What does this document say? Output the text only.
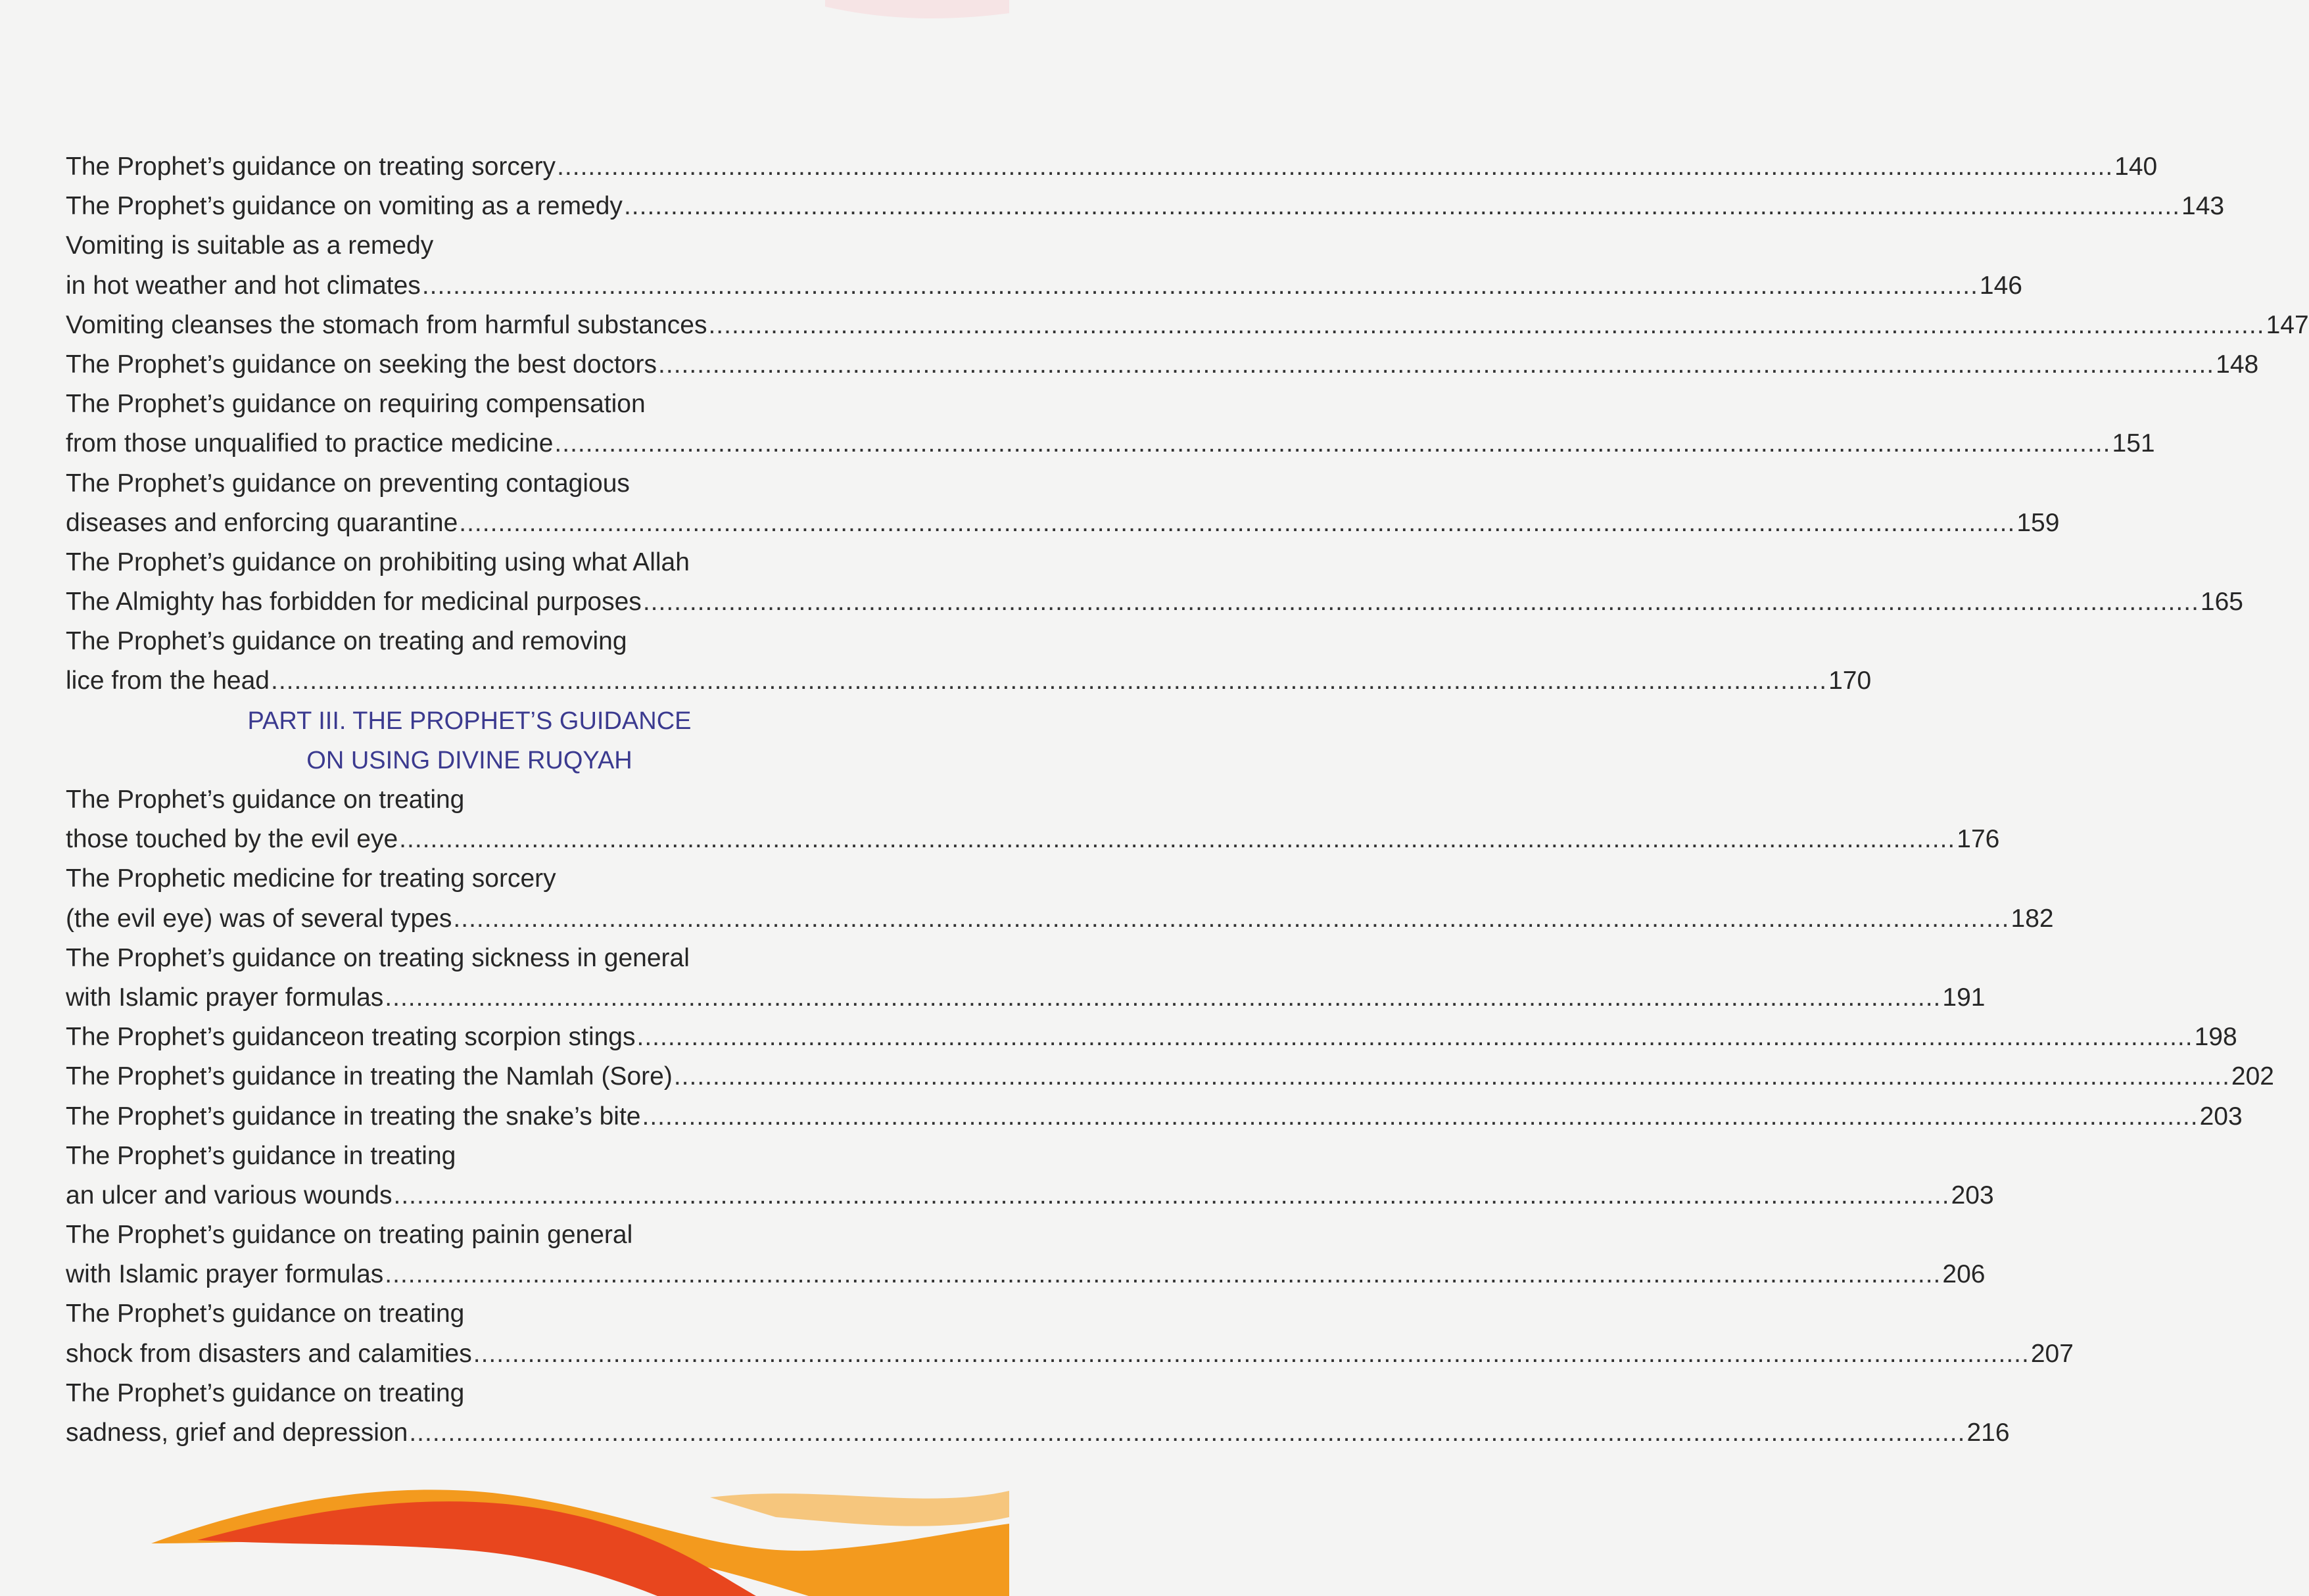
The Prophet’s guidance on treating sorcery ........................................................................................................................................................................................................ 140
The Prophet’s guidance on vomiting as a remedy ........................................................................................................................................................................................................ 143
Vomiting is suitable as a remedy
in hot weather and hot climates ........................................................................................................................................................................................................ 146
Vomiting cleanses the stomach from harmful substances ........................................................................................................................................................................................................ 147
The Prophet’s guidance on seeking the best doctors ........................................................................................................................................................................................................ 148
The Prophet’s guidance on requiring compensation
from those unqualified to practice medicine ........................................................................................................................................................................................................ 151
The Prophet’s guidance on preventing contagious
diseases and enforcing quarantine ........................................................................................................................................................................................................ 159
The Prophet’s guidance on prohibiting using what Allah
The Almighty has forbidden for medicinal purposes ........................................................................................................................................................................................................ 165
The Prophet’s guidance on treating and removing
lice from the head ........................................................................................................................................................................................................ 170
PART III. THE PROPHET’S GUIDANCE
ON USING DIVINE RUQYAH
The Prophet’s guidance on treating
those touched by the evil eye ........................................................................................................................................................................................................ 176
The Prophetic medicine for treating sorcery
(the evil eye) was of several types ........................................................................................................................................................................................................ 182
The Prophet’s guidance on treating sickness in general
with Islamic prayer formulas ........................................................................................................................................................................................................ 191
The Prophet’s guidanceon treating scorpion stings ........................................................................................................................................................................................................ 198
The Prophet’s guidance in treating the Namlah (Sore) ........................................................................................................................................................................................................ 202
The Prophet’s guidance in treating the snake’s bite ........................................................................................................................................................................................................ 203
The Prophet’s guidance in treating
an ulcer and various wounds ........................................................................................................................................................................................................ 203
The Prophet’s guidance on treating painin general
with Islamic prayer formulas ........................................................................................................................................................................................................ 206
The Prophet’s guidance on treating
shock from disasters and calamities ........................................................................................................................................................................................................ 207
The Prophet’s guidance on treating
sadness, grief and depression ........................................................................................................................................................................................................ 216
